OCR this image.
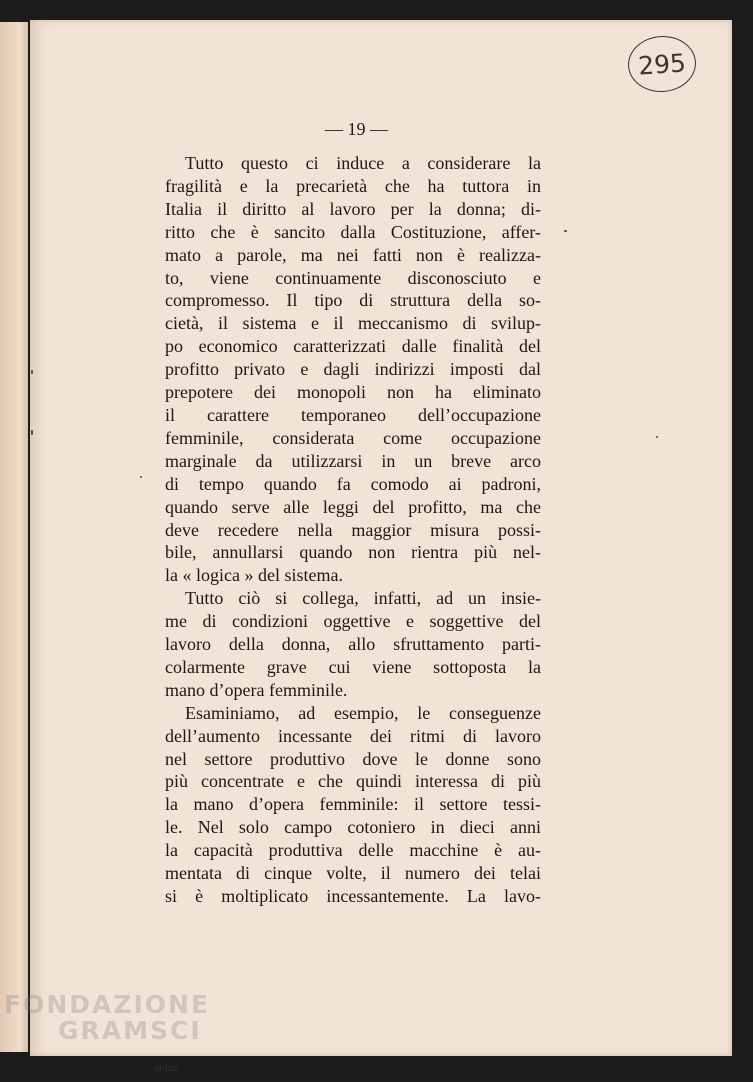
295
— 19 —
Tutto questo ci induce a considerare la
fragilità e la precarietà che ha tuttora in
Italia il diritto al lavoro per la donna; di-
ritto che è sancito dalla Costituzione, affer-
mato a parole, ma nei fatti non è realizza-
to, viene continuamente disconosciuto e
compromesso. Il tipo di struttura della so-
cietà, il sistema e il meccanismo di svilup-
po economico caratterizzati dalle finalità del
profitto privato e dagli indirizzi imposti dal
prepotere dei monopoli non ha eliminato
il carattere temporaneo dell’occupazione
femminile, considerata come occupazione
marginale da utilizzarsi in un breve arco
di tempo quando fa comodo ai padroni,
quando serve alle leggi del profitto, ma che
deve recedere nella maggior misura possi-
bile, annullarsi quando non rientra più nel-
la « logica » del sistema.
Tutto ciò si collega, infatti, ad un insie-
me di condizioni oggettive e soggettive del
lavoro della donna, allo sfruttamento parti-
colarmente grave cui viene sottoposta la
mano d’opera femminile.
Esaminiamo, ad esempio, le conseguenze
dell’aumento incessante dei ritmi di lavoro
nel settore produttivo dove le donne sono
più concentrate e che quindi interessa di più
la mano d’opera femminile: il settore tessi-
le. Nel solo campo cotoniero in dieci anni
la capacità produttiva delle macchine è au-
mentata di cinque volte, il numero dei telai
si è moltiplicato incessantemente. La lavo-
FONDAZIONE
GRAMSCI
onlus
